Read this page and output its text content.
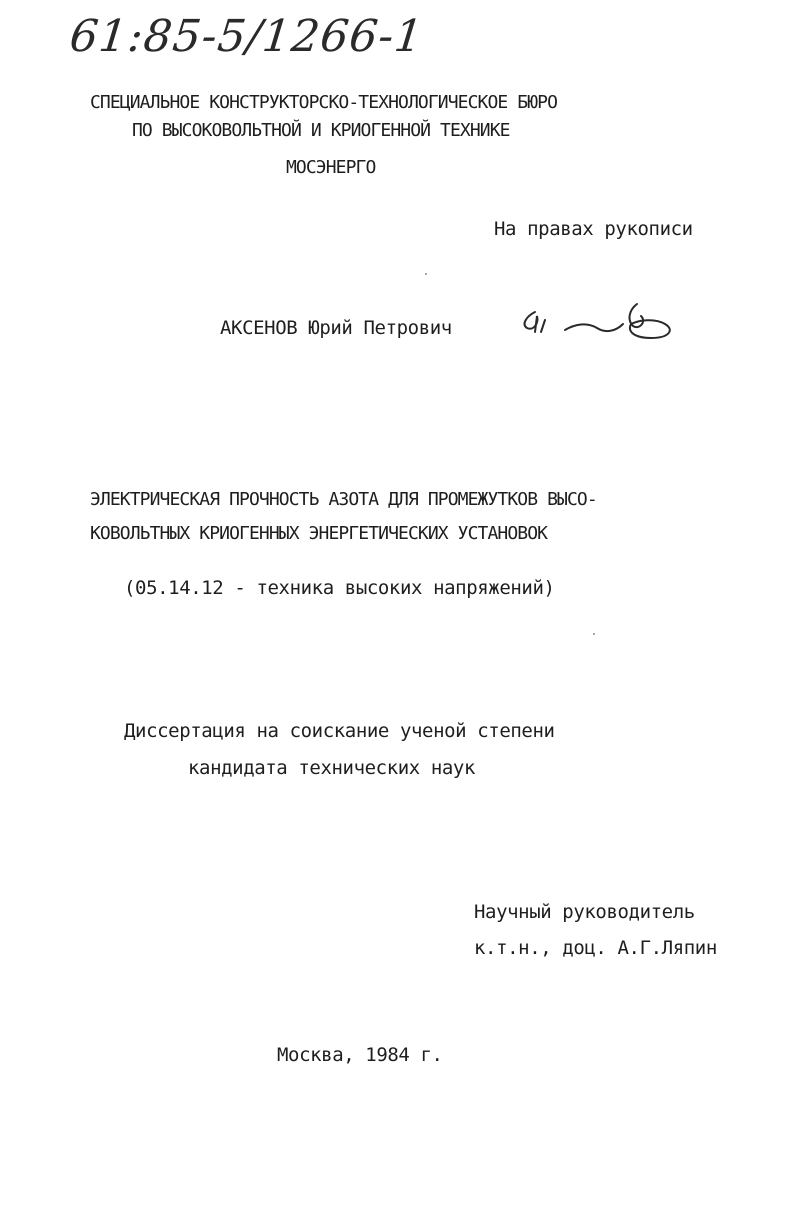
61:85-5/1266-1
СПЕЦИАЛЬНОЕ КОНСТРУКТОРСКО-ТЕХНОЛОГИЧЕСКОЕ БЮРО
ПО ВЫСОКОВОЛЬТНОЙ И КРИОГЕННОЙ ТЕХНИКЕ
МОСЭНЕРГО
На правах рукописи
АКСЕНОВ Юрий Петрович
ЭЛЕКТРИЧЕСКАЯ ПРОЧНОСТЬ АЗОТА ДЛЯ ПРОМЕЖУТКОВ ВЫСО-
КОВОЛЬТНЫХ КРИОГЕННЫХ ЭНЕРГЕТИЧЕСКИХ УСТАНОВОК
(05.14.12 - техника высоких напряжений)
Диссертация на соискание ученой степени
кандидата технических наук
Научный руководитель
к.т.н., доц. А.Г.Ляпин
Москва, 1984 г.
